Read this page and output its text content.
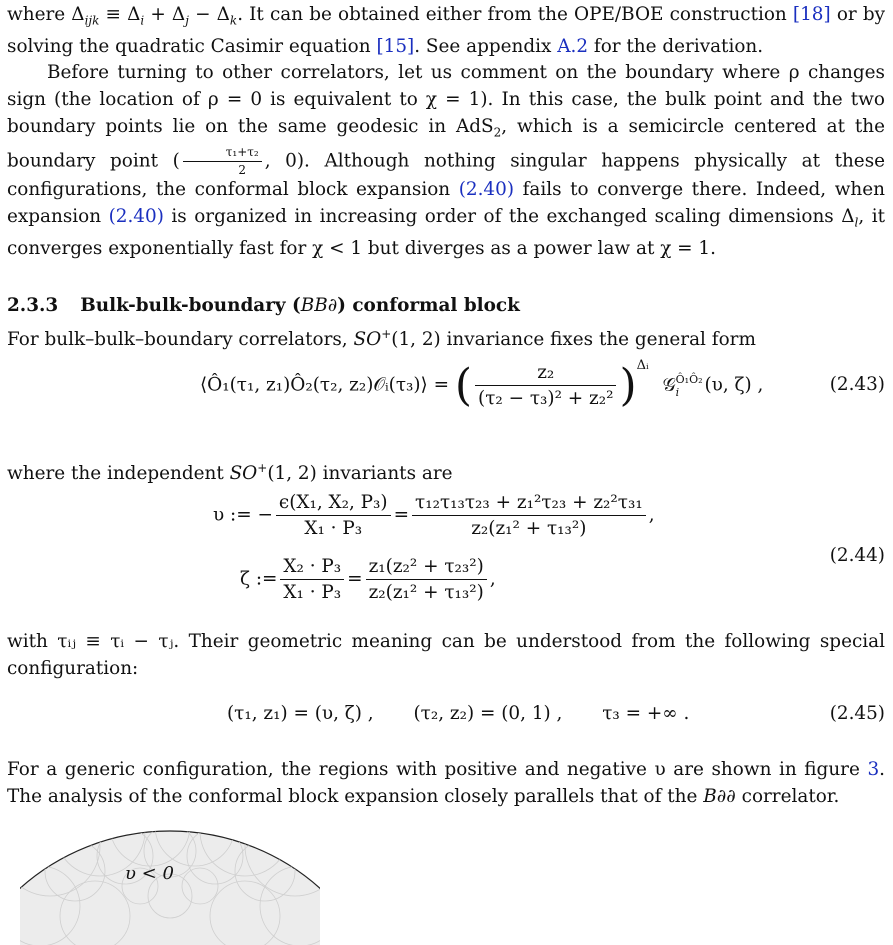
where $\Delta_{ijk} \equiv \Delta_i + \Delta_j - \Delta_k$. It can be obtained either from the OPE/BOE construction [18] or by solving the quadratic Casimir equation [15]. See appendix A.2 for the derivation.

Before turning to other correlators, let us comment on the boundary where ρ changes sign (the location of ρ = 0 is equivalent to χ = 1). In this case, the bulk point and the two boundary points lie on the same geodesic in AdS$_2$, which is a semicircle centered at the boundary point ( $\frac{\text{τ₁+τ₂}}{2}$ , 0). Although nothing singular happens physically at these configurations, the conformal block expansion (2.40) fails to converge there. Indeed, when expansion (2.40) is organized in increasing order of the exchanged scaling dimensions $\Delta_l$, it converges exponentially fast for χ < 1 but diverges as a power law at χ = 1.

2.3.3 Bulk-bulk-boundary (BB∂) conformal block

For bulk–bulk–boundary correlators, SO+(1, 2) invariance fixes the general form

⟨Ô₁(τ₁, z₁)Ô₂(τ₂, z₂)𝒪ᵢ(τ₃)⟩ = ( $\frac{\text{z₂}}{\text{(τ₂ − τ₃)² + z₂²}} )^{\Delta ᵢ}$ 𝒢 Ô₁Ô₂
i	(υ, ζ) ,	(2.43)

where the independent SO+(1, 2) invariants are

υ := − $\frac{\text{ϵ(X₁, X₂, P₃)}}{\text{X₁ · P₃}} = \frac{\text{τ₁₂τ₁₃τ₂₃ + z₁²τ₂₃ + z₂²τ₃₁}}{\text{z₂(z₁² + τ₁₃²)}}$ ,
ζ := $\frac{\text{X₂ · P₃}}{\text{X₁ · P₃}} = \frac{\text{z₁(z₂² + τ₂₃²)}}{\text{z₂(z₁² + τ₁₃²)}}$ ,
(2.44)

with τᵢⱼ ≡ τᵢ − τⱼ. Their geometric meaning can be understood from the following special configuration:

(τ₁, z₁) = (υ, ζ) , (τ₂, z₂) = (0, 1) , τ₃ = +∞ .	(2.45)

For a generic configuration, the regions with positive and negative υ are shown in figure 3. The analysis of the conformal block expansion closely parallels that of the B∂∂ correlator.

υ < 0
